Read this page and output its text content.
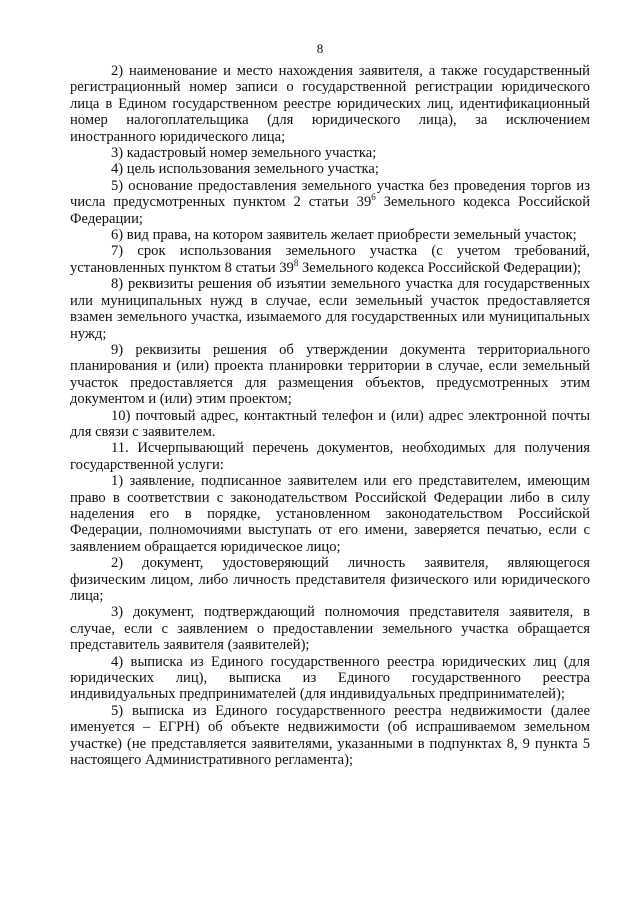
8

2) наименование и место нахождения заявителя, а также государственный регистрационный номер записи о государственной регистрации юридического лица в Едином государственном реестре юридических лиц, идентификационный номер налогоплательщика (для юридического лица), за исключением иностранного юридического лица;

3) кадастровый номер земельного участка;

4) цель использования земельного участка;

5) основание предоставления земельного участка без проведения торгов из числа предусмотренных пунктом 2 статьи $39^6$ Земельного кодекса Российской Федерации;

6) вид права, на котором заявитель желает приобрести земельный участок;

7) срок использования земельного участка (с учетом требований, установленных пунктом 8 статьи $39^8$ Земельного кодекса Российской Федерации);

8) реквизиты решения об изъятии земельного участка для государственных или муниципальных нужд в случае, если земельный участок предоставляется взамен земельного участка, изымаемого для государственных или муниципальных нужд;

9) реквизиты решения об утверждении документа территориального планирования и (или) проекта планировки территории в случае, если земельный участок предоставляется для размещения объектов, предусмотренных этим документом и (или) этим проектом;

10) почтовый адрес, контактный телефон и (или) адрес электронной почты для связи с заявителем.

11. Исчерпывающий перечень документов, необходимых для получения государственной услуги:

1) заявление, подписанное заявителем или его представителем, имеющим право в соответствии с законодательством Российской Федерации либо в силу наделения его в порядке, установленном законодательством Российской Федерации, полномочиями выступать от его имени, заверяется печатью, если с заявлением обращается юридическое лицо;

2) документ, удостоверяющий личность заявителя, являющегося физическим лицом, либо личность представителя физического или юридического лица;

3) документ, подтверждающий полномочия представителя заявителя, в случае, если с заявлением о предоставлении земельного участка обращается представитель заявителя (заявителей);

4) выписка из Единого государственного реестра юридических лиц (для юридических лиц), выписка из Единого государственного реестра индивидуальных предпринимателей (для индивидуальных предпринимателей);

5) выписка из Единого государственного реестра недвижимости (далее именуется – ЕГРН) об объекте недвижимости (об испрашиваемом земельном участке) (не представляется заявителями, указанными в подпунктах 8, 9 пункта 5 настоящего Административного регламента);
